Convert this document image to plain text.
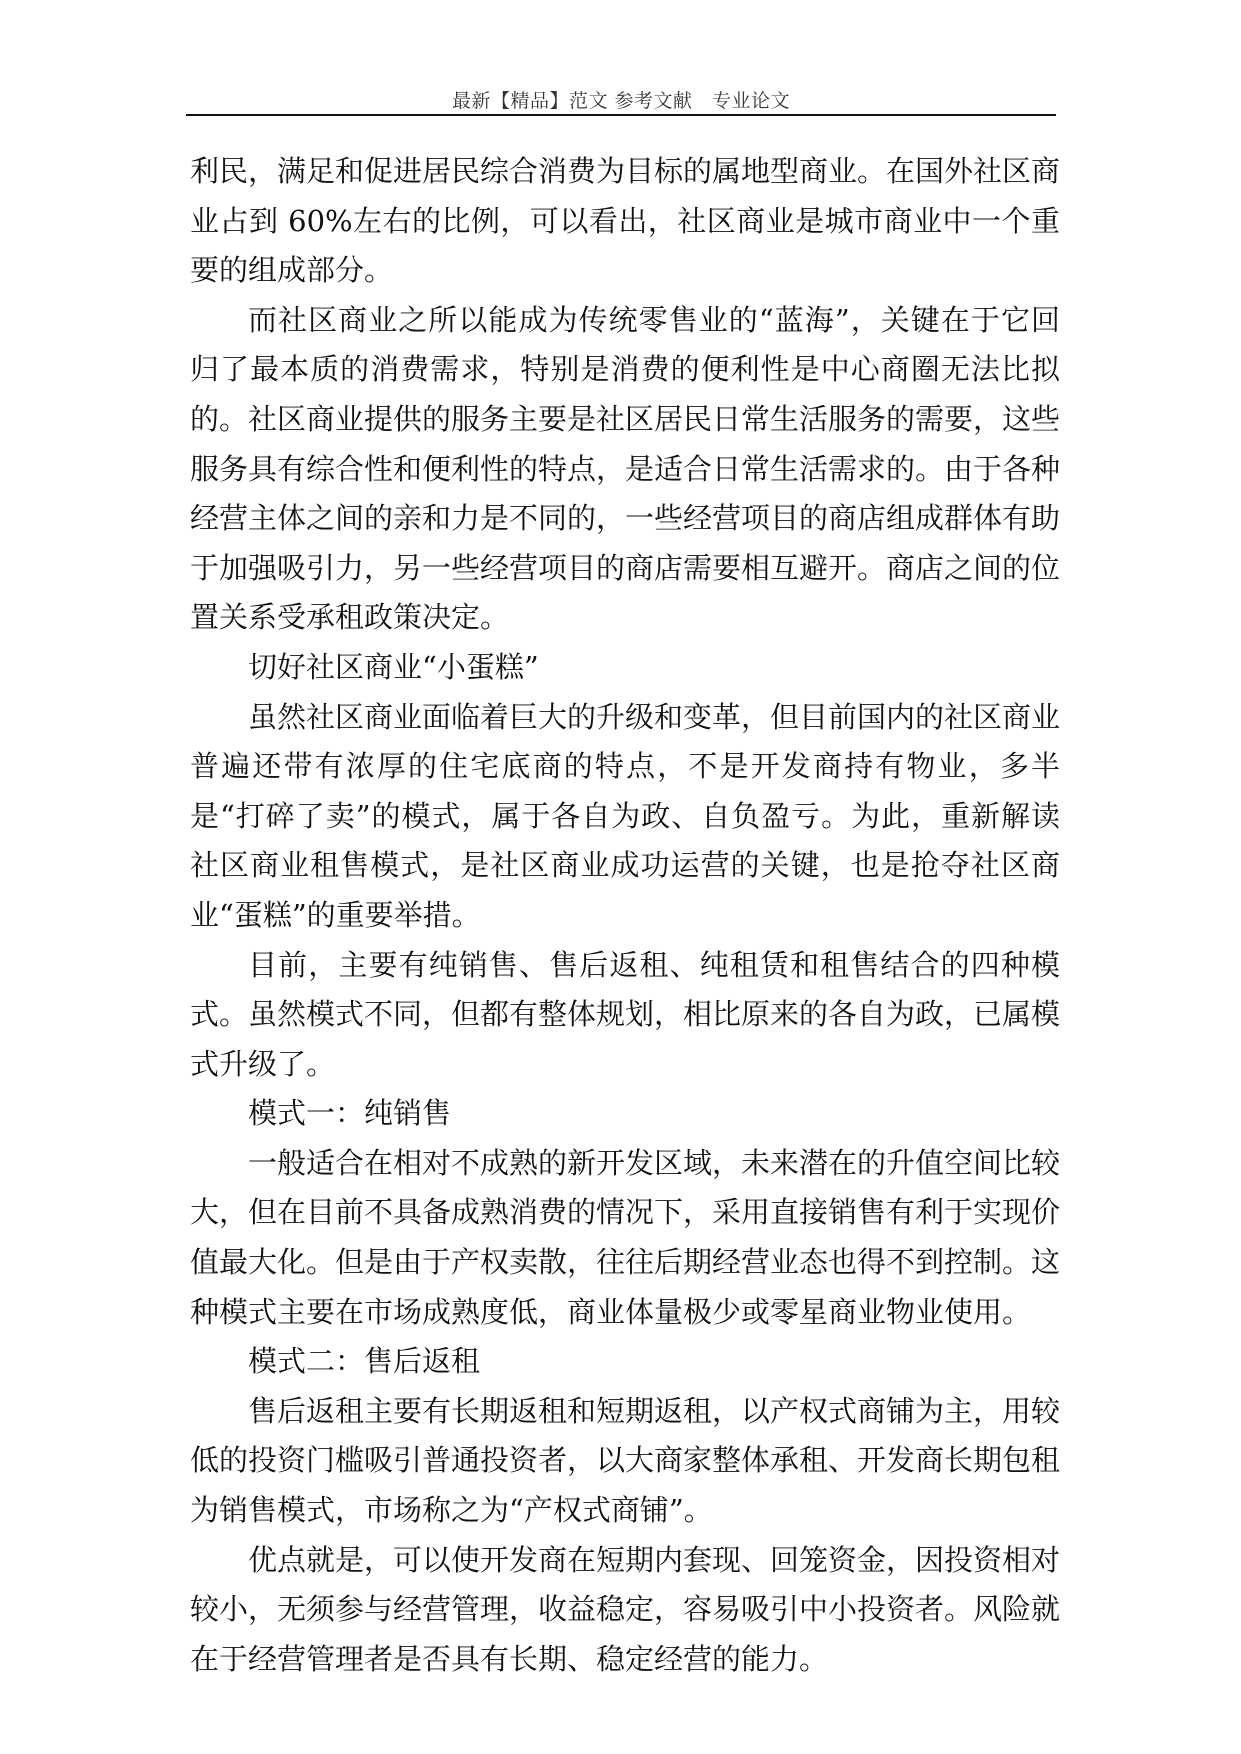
最新【精品】范文 参考文献　专业论文

利民，满足和促进居民综合消费为目标的属地型商业。在国外社区商业占到 60%左右的比例，可以看出，社区商业是城市商业中一个重要的组成部分。

而社区商业之所以能成为传统零售业的“蓝海”，关键在于它回归了最本质的消费需求，特别是消费的便利性是中心商圈无法比拟的。社区商业提供的服务主要是社区居民日常生活服务的需要，这些服务具有综合性和便利性的特点，是适合日常生活需求的。由于各种经营主体之间的亲和力是不同的，一些经营项目的商店组成群体有助于加强吸引力，另一些经营项目的商店需要相互避开。商店之间的位置关系受承租政策决定。

切好社区商业“小蛋糕”

虽然社区商业面临着巨大的升级和变革，但目前国内的社区商业普遍还带有浓厚的住宅底商的特点，不是开发商持有物业，多半是“打碎了卖”的模式，属于各自为政、自负盈亏。为此，重新解读社区商业租售模式，是社区商业成功运营的关键，也是抢夺社区商业“蛋糕”的重要举措。

目前，主要有纯销售、售后返租、纯租赁和租售结合的四种模式。虽然模式不同，但都有整体规划，相比原来的各自为政，已属模式升级了。

模式一：纯销售

一般适合在相对不成熟的新开发区域，未来潜在的升值空间比较大，但在目前不具备成熟消费的情况下，采用直接销售有利于实现价值最大化。但是由于产权卖散，往往后期经营业态也得不到控制。这种模式主要在市场成熟度低，商业体量极少或零星商业物业使用。

模式二：售后返租

售后返租主要有长期返租和短期返租，以产权式商铺为主，用较低的投资门槛吸引普通投资者，以大商家整体承租、开发商长期包租为销售模式，市场称之为“产权式商铺”。

优点就是，可以使开发商在短期内套现、回笼资金，因投资相对较小，无须参与经营管理，收益稳定，容易吸引中小投资者。风险就在于经营管理者是否具有长期、稳定经营的能力。
